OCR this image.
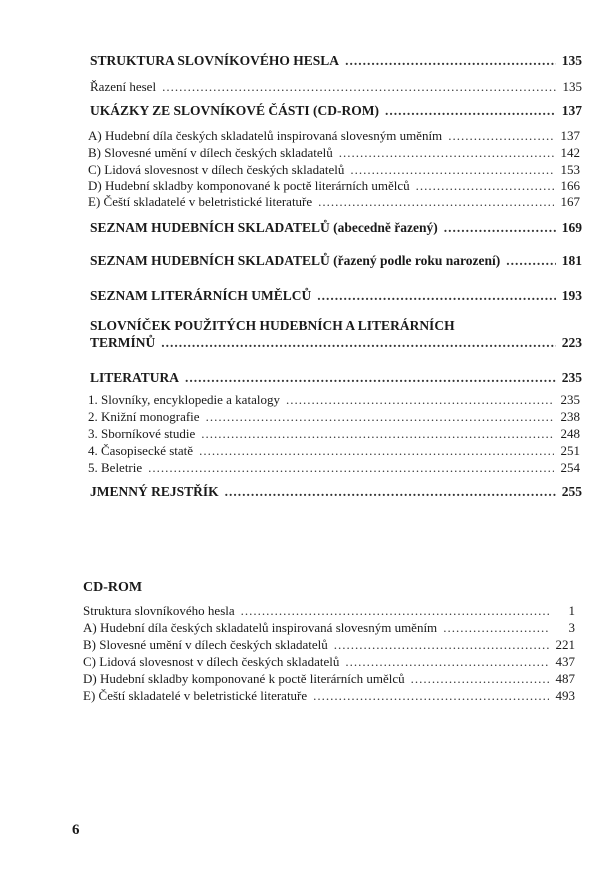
STRUKTURA SLOVNÍKOVÉHO HESLA .....	135
Řazení hesel .....	135
UKÁZKY ZE SLOVNÍKOVÉ ČÁSTI (CD-ROM) .....	137
A) Hudební díla českých skladatelů inspirovaná slovesným uměním .....	137
B) Slovesné umění v dílech českých skladatelů .....	142
C) Lidová slovesnost v dílech českých skladatelů .....	153
D) Hudební skladby komponované k poctě literárních umělců .....	166
E) Čeští skladatelé v beletristické literatuře .....	167
SEZNAM HUDEBNÍCH SKLADATELŮ (abecedně řazený) .....	169
SEZNAM HUDEBNÍCH SKLADATELŮ (řazený podle roku narození) .....	181
SEZNAM LITERÁRNÍCH UMĚLCŮ .....	193
SLOVNÍČEK POUŽITÝCH HUDEBNÍCH A LITERÁRNÍCH
TERMÍNŮ .....	223
LITERATURA .....	235
1. Slovníky, encyklopedie a katalogy .....	235
2. Knižní monografie .....	238
3. Sborníkové studie .....	248
4. Časopisecké statě .....	251
5. Beletrie .....	254
JMENNÝ REJSTŘÍK .....	255
CD-ROM
Struktura slovníkového hesla .....	1
A) Hudební díla českých skladatelů inspirovaná slovesným uměním .....	3
B) Slovesné umění v dílech českých skladatelů .....	221
C) Lidová slovesnost v dílech českých skladatelů .....	437
D) Hudební skladby komponované k poctě literárních umělců .....	487
E) Čeští skladatelé v beletristické literatuře .....	493
6
